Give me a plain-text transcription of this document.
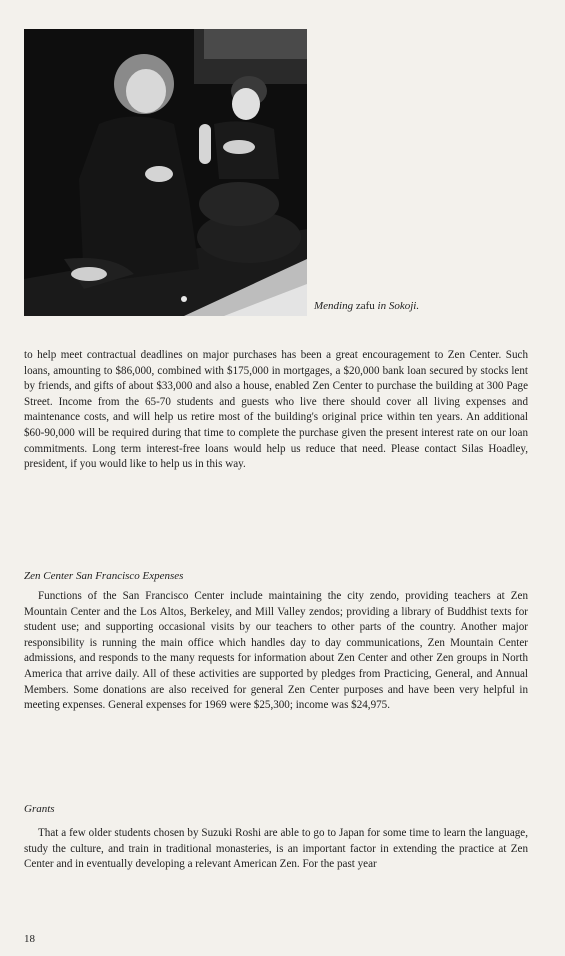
Mending zafu in Sokoji.

to help meet contractual deadlines on major purchases has been a great encouragement to Zen Center. Such loans, amounting to $86,000, combined with $175,000 in mortgages, a $20,000 bank loan secured by stocks lent by friends, and gifts of about $33,000 and also a house, enabled Zen Center to purchase the building at 300 Page Street. Income from the 65-70 students and guests who live there should cover all living expenses and maintenance costs, and will help us retire most of the building's original price within ten years. An additional $60-90,000 will be required during that time to complete the purchase given the present interest rate on our loan commitments. Long term interest-free loans would help us reduce that need. Please contact Silas Hoadley, president, if you would like to help us in this way.

Zen Center San Francisco Expenses

Functions of the San Francisco Center include maintaining the city zendo, providing teachers at Zen Mountain Center and the Los Altos, Berkeley, and Mill Valley zendos; providing a library of Buddhist texts for student use; and supporting occasional visits by our teachers to other parts of the country. Another major responsibility is running the main office which handles day to day communications, Zen Mountain Center admissions, and responds to the many requests for information about Zen Center and other Zen groups in North America that arrive daily. All of these activities are supported by pledges from Practicing, General, and Annual Members. Some donations are also received for general Zen Center purposes and have been very helpful in meeting expenses. General expenses for 1969 were $25,300; income was $24,975.

Grants

That a few older students chosen by Suzuki Roshi are able to go to Japan for some time to learn the language, study the culture, and train in traditional monasteries, is an important factor in extending the practice at Zen Center and in eventually developing a relevant American Zen. For the past year

18
